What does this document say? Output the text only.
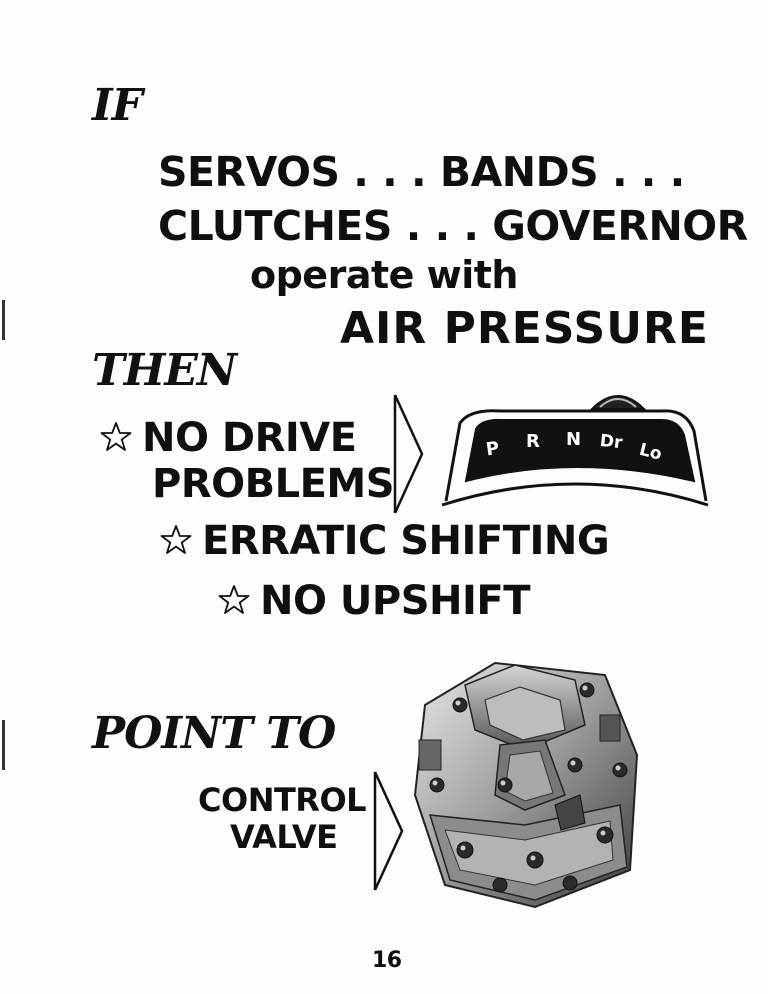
IF
SERVOS . . . BANDS . . .
CLUTCHES . . . GOVERNOR
operate with
AIR PRESSURE
THEN
NO DRIVE
PROBLEMS
P R N Dr Lo
ERRATIC SHIFTING
NO UPSHIFT
POINT TO
CONTROL
VALVE
16
